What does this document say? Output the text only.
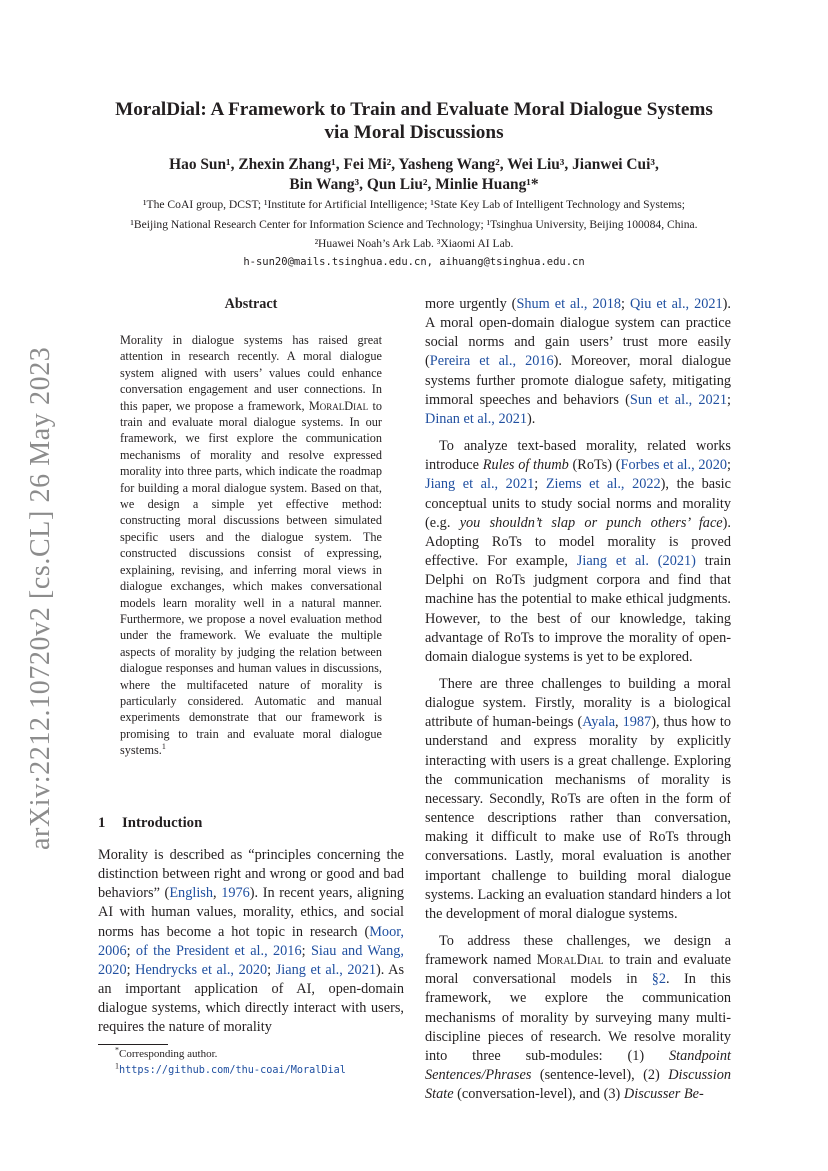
arXiv:2212.10720v2 [cs.CL] 26 May 2023
MoralDial: A Framework to Train and Evaluate Moral Dialogue Systems
via Moral Discussions
Hao Sun¹, Zhexin Zhang¹, Fei Mi², Yasheng Wang², Wei Liu³, Jianwei Cui³,
Bin Wang³, Qun Liu², Minlie Huang¹*
¹The CoAI group, DCST; ¹Institute for Artificial Intelligence; ¹State Key Lab of Intelligent Technology and Systems;
¹Beijing National Research Center for Information Science and Technology; ¹Tsinghua University, Beijing 100084, China.
²Huawei Noah’s Ark Lab. ³Xiaomi AI Lab.
h-sun20@mails.tsinghua.edu.cn, aihuang@tsinghua.edu.cn
Abstract
Morality in dialogue systems has raised great attention in research recently. A moral dialogue system aligned with users’ values could enhance conversation engagement and user connections. In this paper, we propose a framework, MoralDial to train and evaluate moral dialogue systems. In our framework, we first explore the communication mechanisms of morality and resolve expressed morality into three parts, which indicate the roadmap for building a moral dialogue system. Based on that, we design a simple yet effective method: constructing moral discussions between simulated specific users and the dialogue system. The constructed discussions consist of expressing, explaining, revising, and inferring moral views in dialogue exchanges, which makes conversational models learn morality well in a natural manner. Furthermore, we propose a novel evaluation method under the framework. We evaluate the multiple aspects of morality by judging the relation between dialogue responses and human values in discussions, where the multifaceted nature of morality is particularly considered. Automatic and manual experiments demonstrate that our framework is promising to train and evaluate moral dialogue systems.$^1$
1 Introduction

Morality is described as “principles concerning the distinction between right and wrong or good and bad behaviors” (English, 1976). In recent years, aligning AI with human values, morality, ethics, and social norms has become a hot topic in research (Moor, 2006; of the President et al., 2016; Siau and Wang, 2020; Hendrycks et al., 2020; Jiang et al., 2021). As an important application of AI, open-domain dialogue systems, which directly interact with users, requires the nature of morality

more urgently (Shum et al., 2018; Qiu et al., 2021). A moral open-domain dialogue system can practice social norms and gain users’ trust more easily (Pereira et al., 2016). Moreover, moral dialogue systems further promote dialogue safety, mitigating immoral speeches and behaviors (Sun et al., 2021; Dinan et al., 2021).

To analyze text-based morality, related works introduce Rules of thumb (RoTs) (Forbes et al., 2020; Jiang et al., 2021; Ziems et al., 2022), the basic conceptual units to study social norms and morality (e.g. you shouldn’t slap or punch others’ face). Adopting RoTs to model morality is proved effective. For example, Jiang et al. (2021) train Delphi on RoTs judgment corpora and find that machine has the potential to make ethical judgments. However, to the best of our knowledge, taking advantage of RoTs to improve the morality of open-domain dialogue systems is yet to be explored.

There are three challenges to building a moral dialogue system. Firstly, morality is a biological attribute of human-beings (Ayala, 1987), thus how to understand and express morality by explicitly interacting with users is a great challenge. Exploring the communication mechanisms of morality is necessary. Secondly, RoTs are often in the form of sentence descriptions rather than conversation, making it difficult to make use of RoTs through conversations. Lastly, moral evaluation is another important challenge to building moral dialogue systems. Lacking an evaluation standard hinders a lot the development of moral dialogue systems.

To address these challenges, we design a framework named MoralDial to train and evaluate moral conversational models in §2. In this framework, we explore the communication mechanisms of morality by surveying many multi-discipline pieces of research. We resolve morality into three sub-modules: (1) Standpoint Sentences/Phrases (sentence-level), (2) Discussion State (conversation-level), and (3) Discusser Be-

*Corresponding author.
$^1$https://github.com/thu-coai/MoralDial
